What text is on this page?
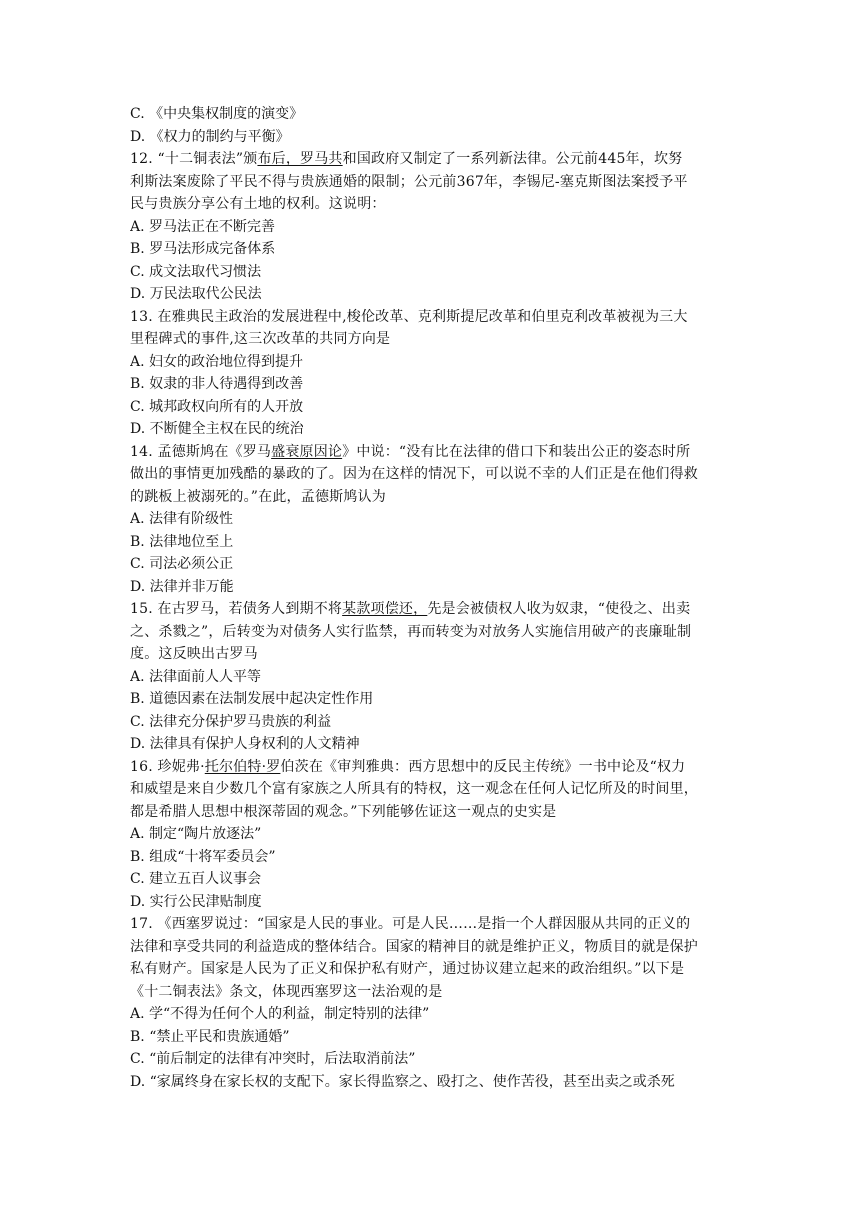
C. 《中央集权制度的演变》
D. 《权力的制约与平衡》
12. “十二铜表法”颁布后，罗马共和国政府又制定了一系列新法律。公元前445年，坎努
利斯法案废除了平民不得与贵族通婚的限制；公元前367年，李锡尼-塞克斯图法案授予平
民与贵族分享公有土地的权利。这说明：
A. 罗马法正在不断完善
B. 罗马法形成完备体系
C. 成文法取代习惯法
D. 万民法取代公民法
13. 在雅典民主政治的发展进程中,梭伦改革、克利斯提尼改革和伯里克利改革被视为三大
里程碑式的事件,这三次改革的共同方向是
A. 妇女的政治地位得到提升
B. 奴隶的非人待遇得到改善
C. 城邦政权向所有的人开放
D. 不断健全主权在民的统治
14. 孟德斯鸠在《罗马盛衰原因论》中说：“没有比在法律的借口下和装出公正的姿态时所
做出的事情更加残酷的暴政的了。因为在这样的情况下，可以说不幸的人们正是在他们得救
的跳板上被溺死的。”在此，孟德斯鸠认为
A. 法律有阶级性
B. 法律地位至上
C. 司法必须公正
D. 法律并非万能
15. 在古罗马，若债务人到期不将某款项偿还，先是会被债权人收为奴隶，“使役之、出卖
之、杀戮之”，后转变为对债务人实行监禁，再而转变为对放务人实施信用破产的丧廉耻制
度。这反映出古罗马
A. 法律面前人人平等
B. 道德因素在法制发展中起决定性作用
C. 法律充分保护罗马贵族的利益
D. 法律具有保护人身权利的人文精神
16. 珍妮弗·托尔伯特·罗伯茨在《审判雅典：西方思想中的反民主传统》一书中论及“权力
和威望是来自少数几个富有家族之人所具有的特权，这一观念在任何人记忆所及的时间里，
都是希腊人思想中根深蒂固的观念。”下列能够佐证这一观点的史实是
A. 制定“陶片放逐法”
B. 组成“十将军委员会”
C. 建立五百人议事会
D. 实行公民津贴制度
17. 《西塞罗说过：“国家是人民的事业。可是人民……是指一个人群因服从共同的正义的
法律和享受共同的利益造成的整体结合。国家的精神目的就是维护正义，物质目的就是保护
私有财产。国家是人民为了正义和保护私有财产，通过协议建立起来的政治组织。”以下是
《十二铜表法》条文，体现西塞罗这一法治观的是
A. 学“不得为任何个人的利益，制定特别的法律”
B. “禁止平民和贵族通婚”
C. “前后制定的法律有冲突时，后法取消前法”
D. “家属终身在家长权的支配下。家长得监察之、殴打之、使作苦役，甚至出卖之或杀死
